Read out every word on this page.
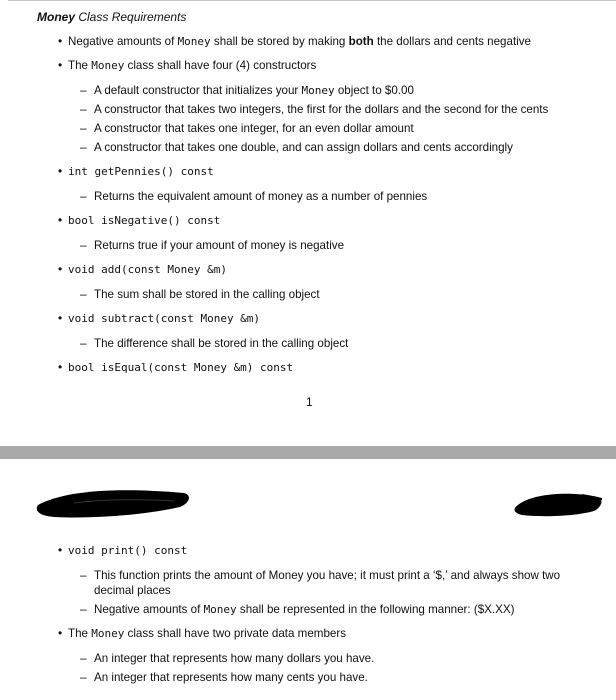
Money Class Requirements
• Negative amounts of Money shall be stored by making both the dollars and cents negative
• The Money class shall have four (4) constructors
– A default constructor that initializes your Money object to $0.00
– A constructor that takes two integers, the first for the dollars and the second for the cents
– A constructor that takes one integer, for an even dollar amount
– A constructor that takes one double, and can assign dollars and cents accordingly
• int getPennies() const
– Returns the equivalent amount of money as a number of pennies
• bool isNegative() const
– Returns true if your amount of money is negative
• void add(const Money &m)
– The sum shall be stored in the calling object
• void subtract(const Money &m)
– The difference shall be stored in the calling object
• bool isEqual(const Money &m) const
1
• void print() const
– This function prints the amount of Money you have; it must print a ‘$,’ and always show two decimal places
– Negative amounts of Money shall be represented in the following manner: ($X.XX)
• The Money class shall have two private data members
– An integer that represents how many dollars you have.
– An integer that represents how many cents you have.
